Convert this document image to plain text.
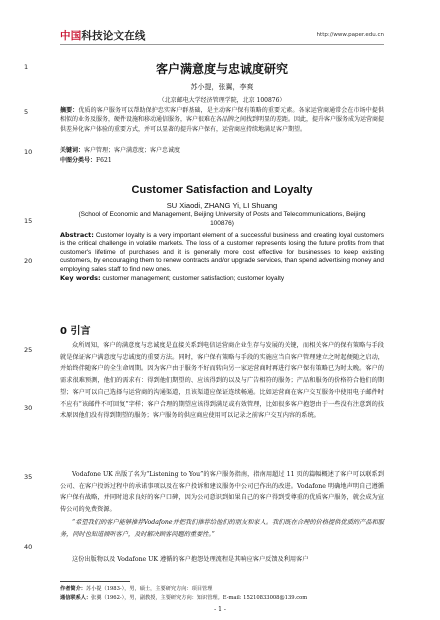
中国科技论文在线	http://www.paper.edu.cn
1
5
10
15
20
25
30
35
40
客户满意度与忠诚度研究
苏小提，张翼，李爽
（北京邮电大学经济管理学院，北京 100876）
摘要：优质的客户服务可以帮助保护忠实客户群基础，是主动客户保有策略的重要元素。各家运营商通常会在市场中提供相似的业务及服务，硬件设施和移动通信服务，客户很难在各品牌之间找到明显的差距。因此，提升客户服务成为运营商提供差异化客户体验的重要方式，并可以显著的提升客户保有，运营商应持续地满足客户期望。
关键词：客户管理；客户满意度；客户忠诚度
中图分类号：F621
Customer Satisfaction and Loyalty
SU Xiaodi, ZHANG Yi, LI Shuang
(School of Economic and Management, Beijing University of Posts and Telecommunications, Beijing 100876)
Abstract: Customer loyalty is a very important element of a successful business and creating loyal customers is the critical challenge in volatile markets. The loss of a customer represents losing the future profits from that customer's lifetime of purchases and it is generally more cost effective for businesses to keep existing customers, by encouraging them to renew contracts and/or upgrade services, than spend advertising money and employing sales staff to find new ones.
Key words: customer management; customer satisfaction; customer loyalty
0 引言
众所周知，客户的满意度与忠诚度是直接关系到电信运营商企业生存与发展的关键，而相关客户的保有策略与手段就是保证客户满意度与忠诚度的重要方法。同时，客户保有策略与手段的实施应当自客户管理建立之时起便随之启动，并始终伴随客户的全生命周期。因为客户由于服务不好而转向另一家运营商时再进行客户保有策略已为时太晚。客户的需求很难预测，他们的需求有：得到他们期望的、应该得到的以及与广告相符的服务；产品和服务的价格符合他们的期望；客户可以自己选择与运营商的沟通渠道，且该渠道应保证连续畅通。比如运营商在客户交互服务中使用电子邮件时不应有“该邮件不可回复”字样；客户合理的期望应该得到满足或有效管理，比如很多客户抱怨由于一些没有注意到的技术原因他们没有得到期望的服务；客户服务的供应商应使用可以记录之前客户交互内容的系统。
Vodafone UK 出版了名为“Listening to You”的客户服务指南，指南用超过 11 页的篇幅概述了客户可以联系到公司、在客户投诉过程中的承诺事项以及在客户投诉和建议服务中公司已作出的改进。Vodafone 明确地声明自己遵循客户保有战略，并同时追求良好的客户口碑，因为公司意识到如果自己的客户得到受尊重的优质客户服务，就会成为宣传公司的免费资源。
“希望我们的客户能够推荐Vodafone并把我们推荐给他们的朋友和家人。我们既在合理的价格提供优质的产品和服务，同时也知道倾听客户，及时解决顾客问题的重要性。”
这份出版物以及 Vodafone UK 遵循的客户抱怨处理流程是其响应客户反馈及利用客户
作者简介：苏小提（1983-），男，硕士，主要研究方向：项目管理
通信联系人：张翼（1962-），男，副教授，主要研究方向：知识管理。E-mail: 15210833008@139.com
- 1 -
